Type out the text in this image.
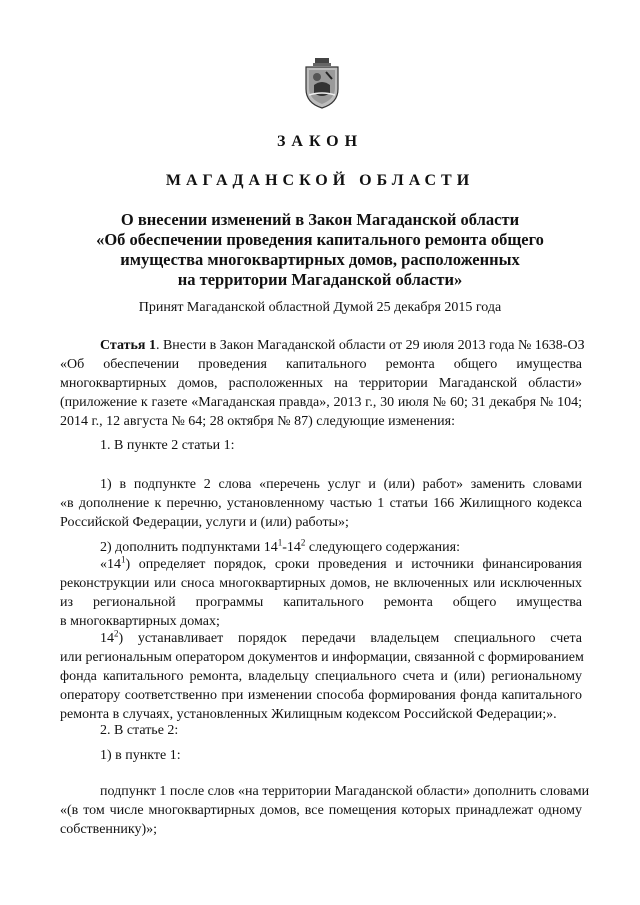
ЗАКОН
МАГАДАНСКОЙ ОБЛАСТИ
О внесении изменений в Закон Магаданской области
«Об обеспечении проведения капитального ремонта общего
имущества многоквартирных домов, расположенных
на территории Магаданской области»
Принят Магаданской областной Думой 25 декабря 2015 года
Статья 1. Внести в Закон Магаданской области от 29 июля 2013 года № 1638-ОЗ
«Об обеспечении проведения капитального ремонта общего имущества
многоквартирных домов, расположенных на территории Магаданской области»
(приложение к газете «Магаданская правда», 2013 г., 30 июля № 60; 31 декабря № 104;
2014 г., 12 августа № 64; 28 октября № 87) следующие изменения:
1. В пункте 2 статьи 1:
1) в подпункте 2 слова «перечень услуг и (или) работ» заменить словами
«в дополнение к перечню, установленному частью 1 статьи 166 Жилищного кодекса
Российской Федерации, услуги и (или) работы»;
2) дополнить подпунктами $14^1-14^2$ следующего содержания:
«$14^1$) определяет порядок, сроки проведения и источники финансирования
реконструкции или сноса многоквартирных домов, не включенных или исключенных
из региональной программы капитального ремонта общего имущества
в многоквартирных домах;
$14^2$) устанавливает порядок передачи владельцем специального счета
или региональным оператором документов и информации, связанной с формированием
фонда капитального ремонта, владельцу специального счета и (или) региональному
оператору соответственно при изменении способа формирования фонда капитального
ремонта в случаях, установленных Жилищным кодексом Российской Федерации;».
2. В статье 2:
1) в пункте 1:
подпункт 1 после слов «на территории Магаданской области» дополнить словами
«(в том числе многоквартирных домов, все помещения которых принадлежат одному
собственнику)»;
